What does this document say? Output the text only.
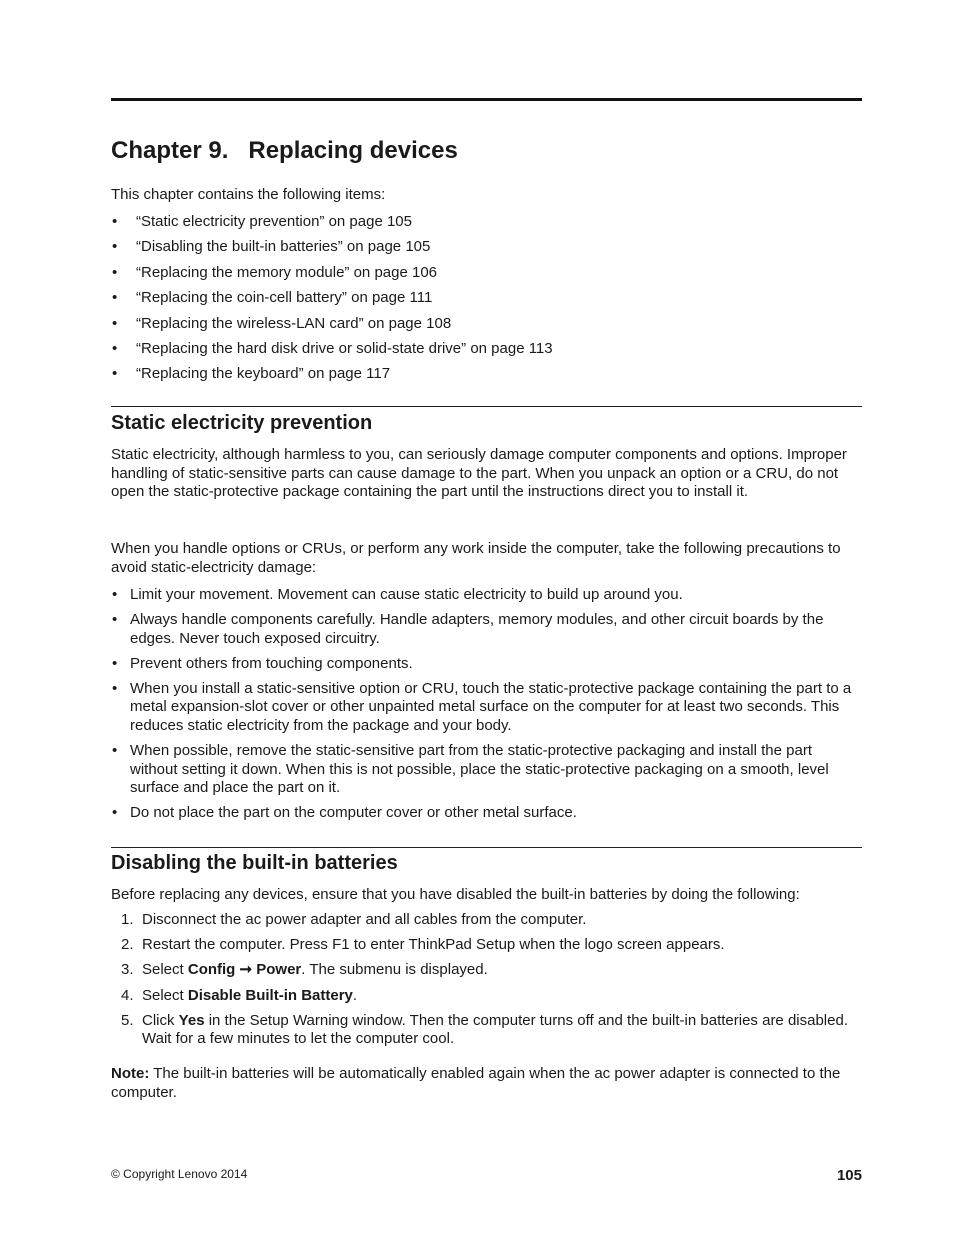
Chapter 9.   Replacing devices

This chapter contains the following items:

• “Static electricity prevention” on page 105
• “Disabling the built-in batteries” on page 105
• “Replacing the memory module” on page 106
• “Replacing the coin-cell battery” on page 111
• “Replacing the wireless-LAN card” on page 108
• “Replacing the hard disk drive or solid-state drive” on page 113
• “Replacing the keyboard” on page 117
Static electricity prevention

Static electricity, although harmless to you, can seriously damage computer components and options. Improper handling of static-sensitive parts can cause damage to the part. When you unpack an option or a CRU, do not open the static-protective package containing the part until the instructions direct you to install it.

When you handle options or CRUs, or perform any work inside the computer, take the following precautions to avoid static-electricity damage:

• Limit your movement. Movement can cause static electricity to build up around you.
• Always handle components carefully. Handle adapters, memory modules, and other circuit boards by the edges. Never touch exposed circuitry.
• Prevent others from touching components.
• When you install a static-sensitive option or CRU, touch the static-protective package containing the part to a metal expansion-slot cover or other unpainted metal surface on the computer for at least two seconds. This reduces static electricity from the package and your body.
• When possible, remove the static-sensitive part from the static-protective packaging and install the part without setting it down. When this is not possible, place the static-protective packaging on a smooth, level surface and place the part on it.
• Do not place the part on the computer cover or other metal surface.
Disabling the built-in batteries

Before replacing any devices, ensure that you have disabled the built-in batteries by doing the following:

1. Disconnect the ac power adapter and all cables from the computer.
2. Restart the computer. Press F1 to enter ThinkPad Setup when the logo screen appears.
3. Select Config ➞ Power. The submenu is displayed.
4. Select Disable Built-in Battery.
5. Click Yes in the Setup Warning window. Then the computer turns off and the built-in batteries are disabled. Wait for a few minutes to let the computer cool.

Note: The built-in batteries will be automatically enabled again when the ac power adapter is connected to the computer.

© Copyright Lenovo 2014	105
